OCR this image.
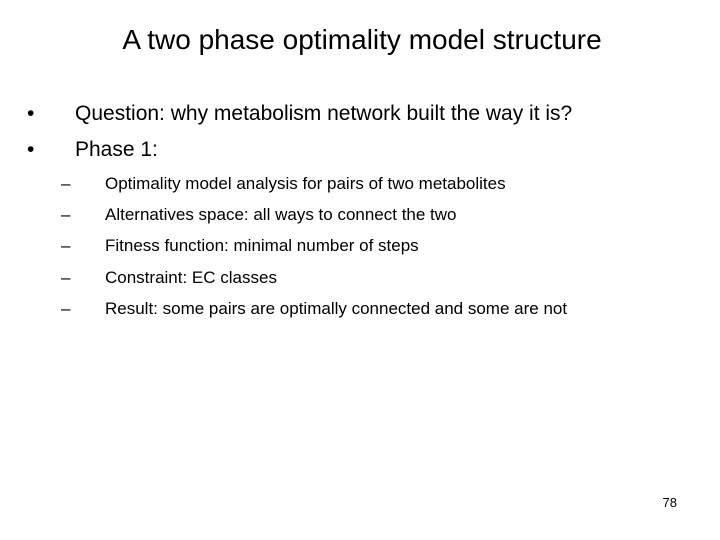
A two phase optimality model structure
• Question: why metabolism network built the way it is?
• Phase 1:
– Optimality model analysis for pairs of two metabolites
– Alternatives space: all ways to connect the two
– Fitness function: minimal number of steps
– Constraint: EC classes
– Result: some pairs are optimally connected and some are not
78
